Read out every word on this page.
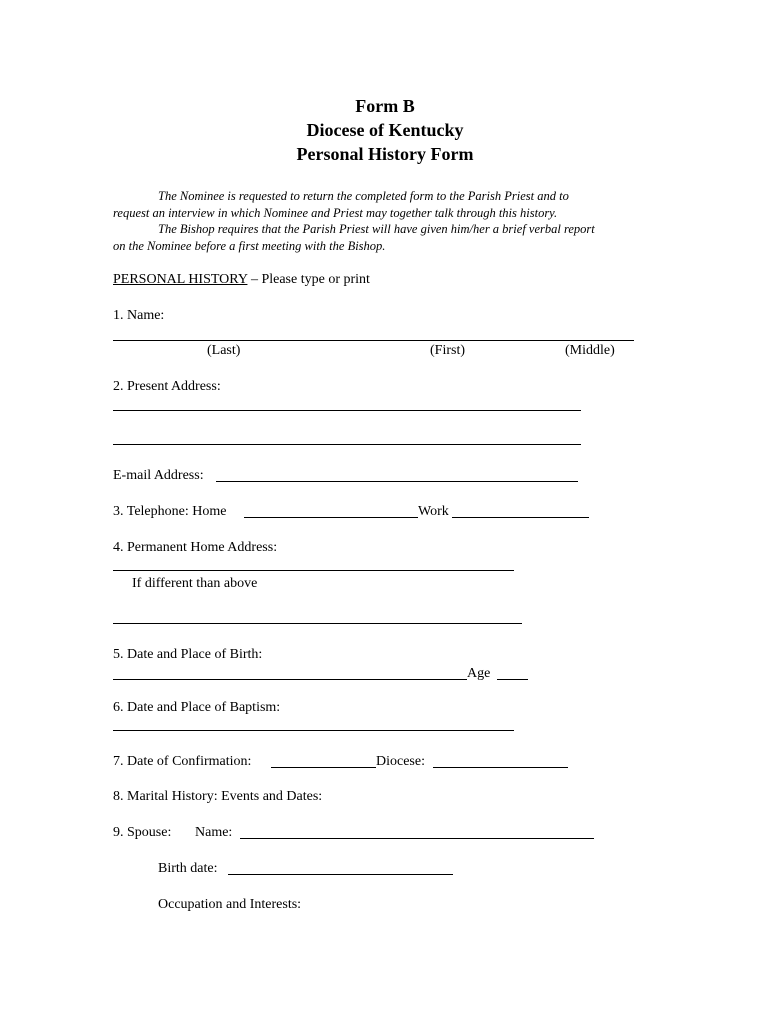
Form B
Diocese of Kentucky
Personal History Form
The Nominee is requested to return the completed form to the Parish Priest and to
request an interview in which Nominee and Priest may together talk through this history.
The Bishop requires that the Parish Priest will have given him/her a brief verbal report
on the Nominee before a first meeting with the Bishop.
PERSONAL HISTORY – Please type or print
1. Name:
(Last)	(First)	(Middle)
2. Present Address:
E-mail Address:
3. Telephone: Home	Work
4. Permanent Home Address:
If different than above
5. Date and Place of Birth:
Age
6. Date and Place of Baptism:
7. Date of Confirmation:	Diocese:
8. Marital History: Events and Dates:
9. Spouse: Name:
Birth date:
Occupation and Interests:
